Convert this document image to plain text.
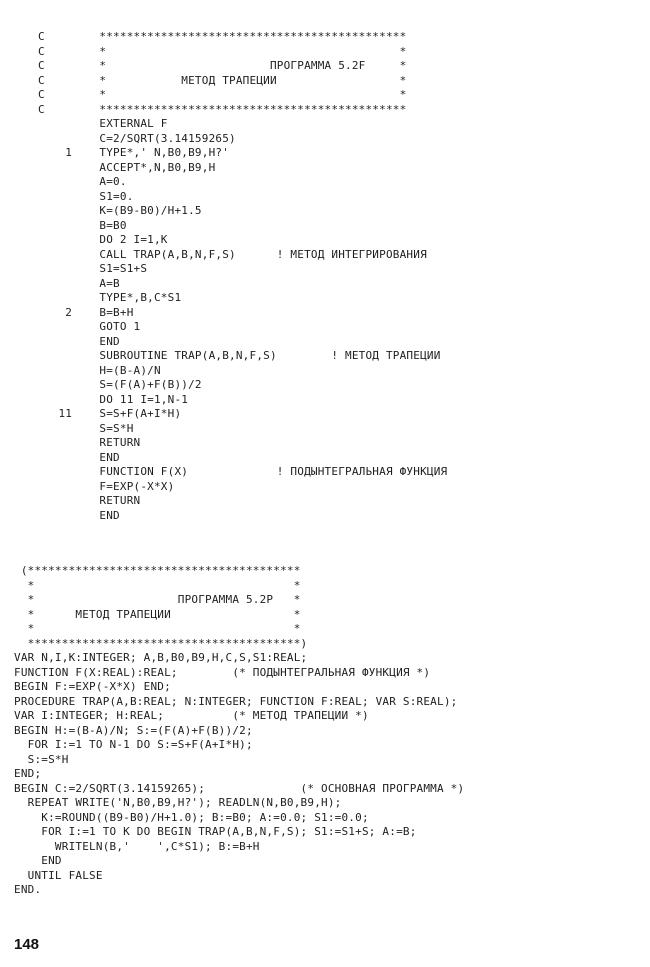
C        *********************************************
C        *                                           *
C        *                        ПРОГРАММА 5.2F     *
C        *           МЕТОД ТРАПЕЦИИ                  *
C        *                                           *
C        *********************************************
EXTERNAL F
C=2/SQRT(3.14159265)
1    TYPE*,' N,B0,B9,H?'
ACCEPT*,N,B0,B9,H
A=0.
S1=0.
K=(B9-B0)/H+1.5
B=B0
DO 2 I=1,K
CALL TRAP(A,B,N,F,S)      ! МЕТОД ИНТЕГРИРОВАНИЯ
S1=S1+S
A=B
TYPE*,B,C*S1
2    B=B+H
GOTO 1
END
SUBROUTINE TRAP(A,B,N,F,S)        ! МЕТОД ТРАПЕЦИИ
H=(B-A)/N
S=(F(A)+F(B))/2
DO 11 I=1,N-1
11    S=S+F(A+I*H)
S=S*H
RETURN
END
FUNCTION F(X)             ! ПОДЫНТЕГРАЛЬНАЯ ФУНКЦИЯ
F=EXP(-X*X)
RETURN
END
(****************************************
*                                      *
*                     ПРОГРАММА 5.2P   *
*      МЕТОД ТРАПЕЦИИ                  *
*                                      *
****************************************)
VAR N,I,K:INTEGER; A,B,B0,B9,H,C,S,S1:REAL;
FUNCTION F(X:REAL):REAL;        (* ПОДЫНТЕГРАЛЬНАЯ ФУНКЦИЯ *)
BEGIN F:=EXP(-X*X) END;
PROCEDURE TRAP(A,B:REAL; N:INTEGER; FUNCTION F:REAL; VAR S:REAL);
VAR I:INTEGER; H:REAL;          (* МЕТОД ТРАПЕЦИИ *)
BEGIN H:=(B-A)/N; S:=(F(A)+F(B))/2;
FOR I:=1 TO N-1 DO S:=S+F(A+I*H);
S:=S*H
END;
BEGIN C:=2/SQRT(3.14159265);              (* ОСНОВНАЯ ПРОГРАММА *)
REPEAT WRITE('N,B0,B9,H?'); READLN(N,B0,B9,H);
K:=ROUND((B9-B0)/H+1.0); B:=B0; A:=0.0; S1:=0.0;
FOR I:=1 TO K DO BEGIN TRAP(A,B,N,F,S); S1:=S1+S; A:=B;
WRITELN(B,'    ',C*S1); B:=B+H
END
UNTIL FALSE
END.
148
